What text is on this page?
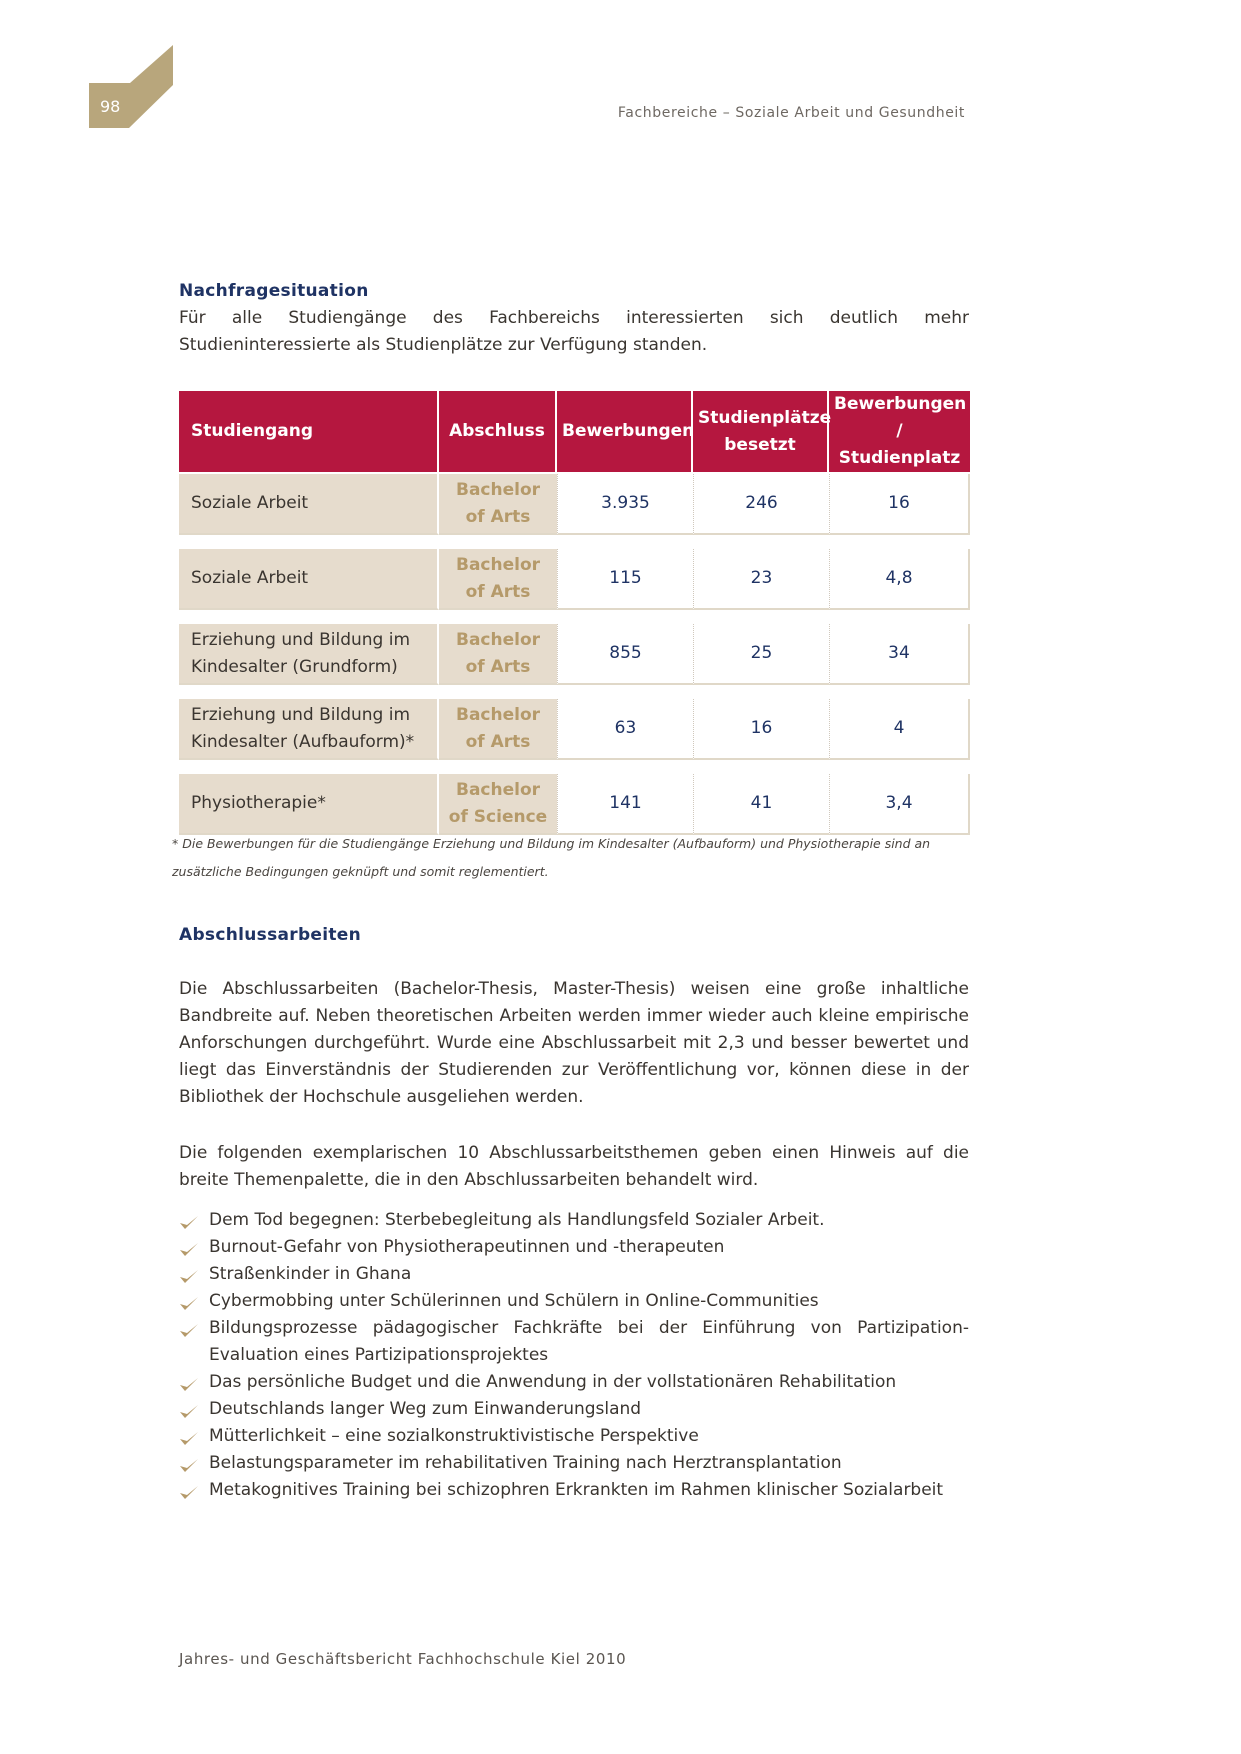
98	Fachbereiche – Soziale Arbeit und Gesundheit
Nachfragesituation

Für alle Studiengänge des Fachbereichs interessierten sich deutlich mehr Studieninteressierte als Studienplätze zur Verfügung standen.

Studiengang	Abschluss	Bewerbungen	Studienplätze besetzt	Bewerbungen / Studienplatz

Soziale Arbeit	Bachelor of Arts	3.935	246	16

Soziale Arbeit	Bachelor of Arts	115	23	4,8

Erziehung und Bildung im Kindesalter (Grundform)	Bachelor of Arts	855	25	34

Erziehung und Bildung im Kindesalter (Aufbauform)*	Bachelor of Arts	63	16	4

Physiotherapie*	Bachelor of Science	141	41	3,4

* Die Bewerbungen für die Studiengänge Erziehung und Bildung im Kindesalter (Aufbauform) und Physiotherapie sind an zusätzliche Bedingungen geknüpft und somit reglementiert.

Abschlussarbeiten

Die Abschlussarbeiten (Bachelor-Thesis, Master-Thesis) weisen eine große inhaltliche Bandbreite auf. Neben theoretischen Arbeiten werden immer wieder auch kleine empirische Anforschungen durchgeführt. Wurde eine Abschlussarbeit mit 2,3 und besser bewertet und liegt das Einverständnis der Studierenden zur Veröffentlichung vor, können diese in der Bibliothek der Hochschule ausgeliehen werden.

Die folgenden exemplarischen 10 Abschlussarbeitsthemen geben einen Hinweis auf die breite Themenpalette, die in den Abschlussarbeiten behandelt wird.

Dem Tod begegnen: Sterbebegleitung als Handlungsfeld Sozialer Arbeit.
Burnout-Gefahr von Physiotherapeutinnen und -therapeuten
Straßenkinder in Ghana
Cybermobbing unter Schülerinnen und Schülern in Online-Communities
Bildungsprozesse pädagogischer Fachkräfte bei der Einführung von Partizipation- Evaluation eines Partizipationsprojektes
Das persönliche Budget und die Anwendung in der vollstationären Rehabilitation
Deutschlands langer Weg zum Einwanderungsland
Mütterlichkeit – eine sozialkonstruktivistische Perspektive
Belastungsparameter im rehabilitativen Training nach Herztransplantation
Metakognitives Training bei schizophren Erkrankten im Rahmen klinischer Sozialarbeit
Jahres- und Geschäftsbericht Fachhochschule Kiel 2010
